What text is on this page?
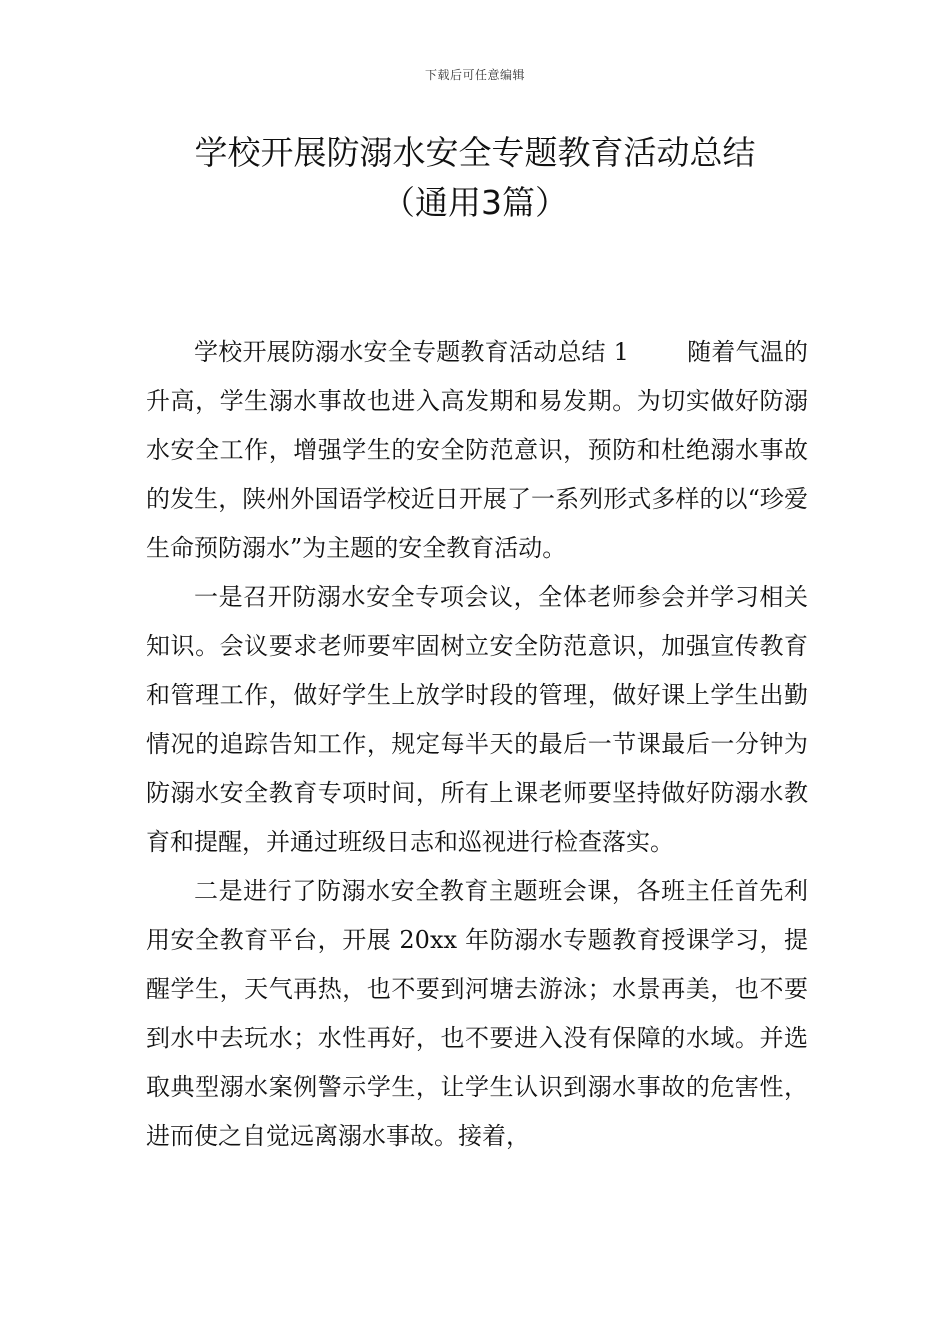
下载后可任意编辑
学校开展防溺水安全专题教育活动总结
（通用3篇）

学校开展防溺水安全专题教育活动总结 1 随着气温的升高，学生溺水事故也进入高发期和易发期。为切实做好防溺水安全工作，增强学生的安全防范意识，预防和杜绝溺水事故的发生，陕州外国语学校近日开展了一系列形式多样的以“珍爱生命预防溺水”为主题的安全教育活动。

一是召开防溺水安全专项会议，全体老师参会并学习相关知识。会议要求老师要牢固树立安全防范意识，加强宣传教育和管理工作，做好学生上放学时段的管理，做好课上学生出勤情况的追踪告知工作，规定每半天的最后一节课最后一分钟为防溺水安全教育专项时间，所有上课老师要坚持做好防溺水教育和提醒，并通过班级日志和巡视进行检查落实。

二是进行了防溺水安全教育主题班会课，各班主任首先利用安全教育平台，开展 20xx 年防溺水专题教育授课学习，提醒学生，天气再热，也不要到河塘去游泳；水景再美，也不要到水中去玩水；水性再好，也不要进入没有保障的水域。并选取典型溺水案例警示学生，让学生认识到溺水事故的危害性，进而使之自觉远离溺水事故。接着，
